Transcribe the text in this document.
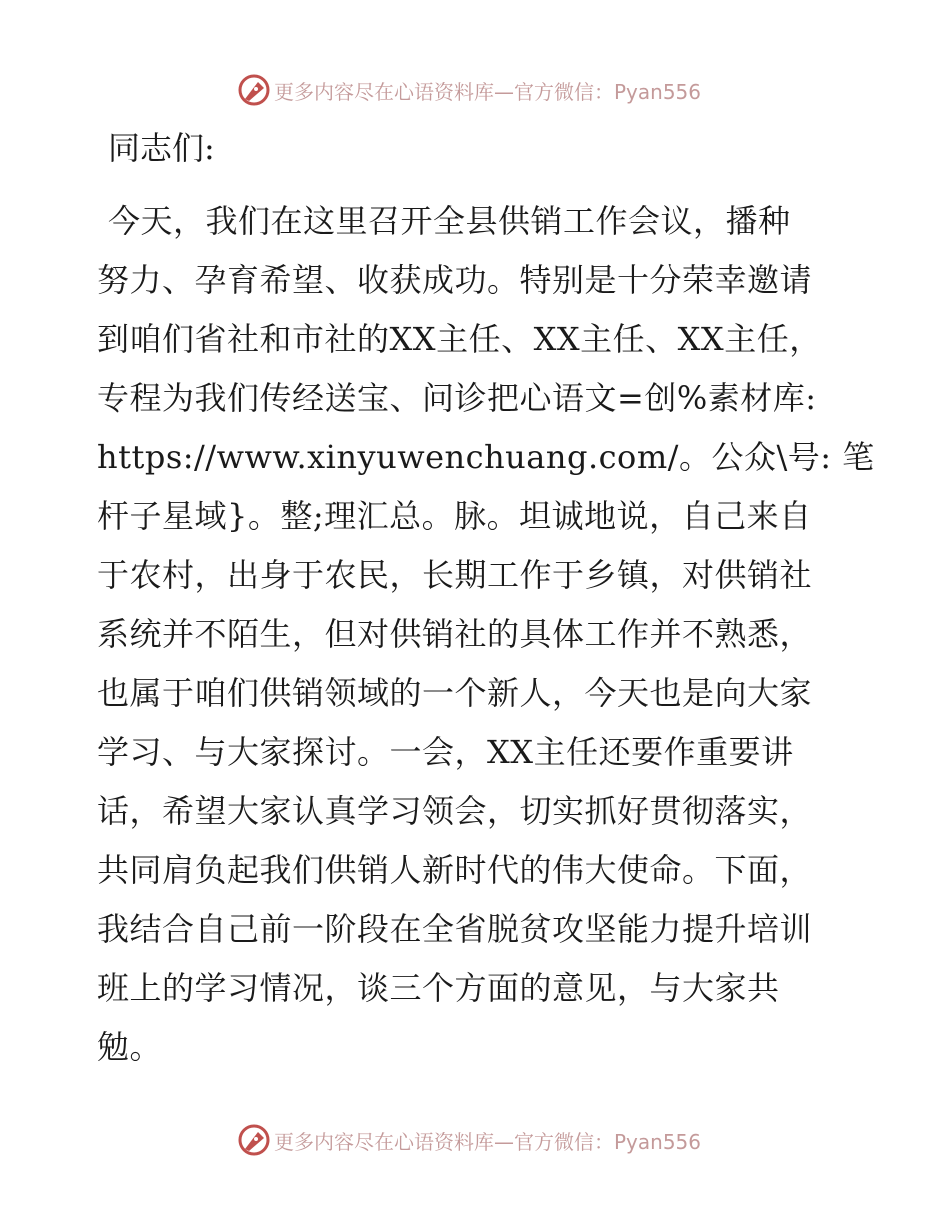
更多内容尽在心语资料库—官方微信：Pyan556

同志们:

今天，我们在这里召开全县供销工作会议，播种
努力、孕育希望、收获成功。特别是十分荣幸邀请
到咱们省社和市社的XX主任、XX主任、XX主任，
专程为我们传经送宝、问诊把心语文=创%素材库:
https://www.xinyuwenchuang.com/。公众\号: 笔
杆子星域}。整;理汇总。脉。坦诚地说，自己来自
于农村，出身于农民，长期工作于乡镇，对供销社
系统并不陌生，但对供销社的具体工作并不熟悉，
也属于咱们供销领域的一个新人，今天也是向大家
学习、与大家探讨。一会，XX主任还要作重要讲
话，希望大家认真学习领会，切实抓好贯彻落实，
共同肩负起我们供销人新时代的伟大使命。下面，
我结合自己前一阶段在全省脱贫攻坚能力提升培训
班上的学习情况，谈三个方面的意见，与大家共
勉。
更多内容尽在心语资料库—官方微信：Pyan556
